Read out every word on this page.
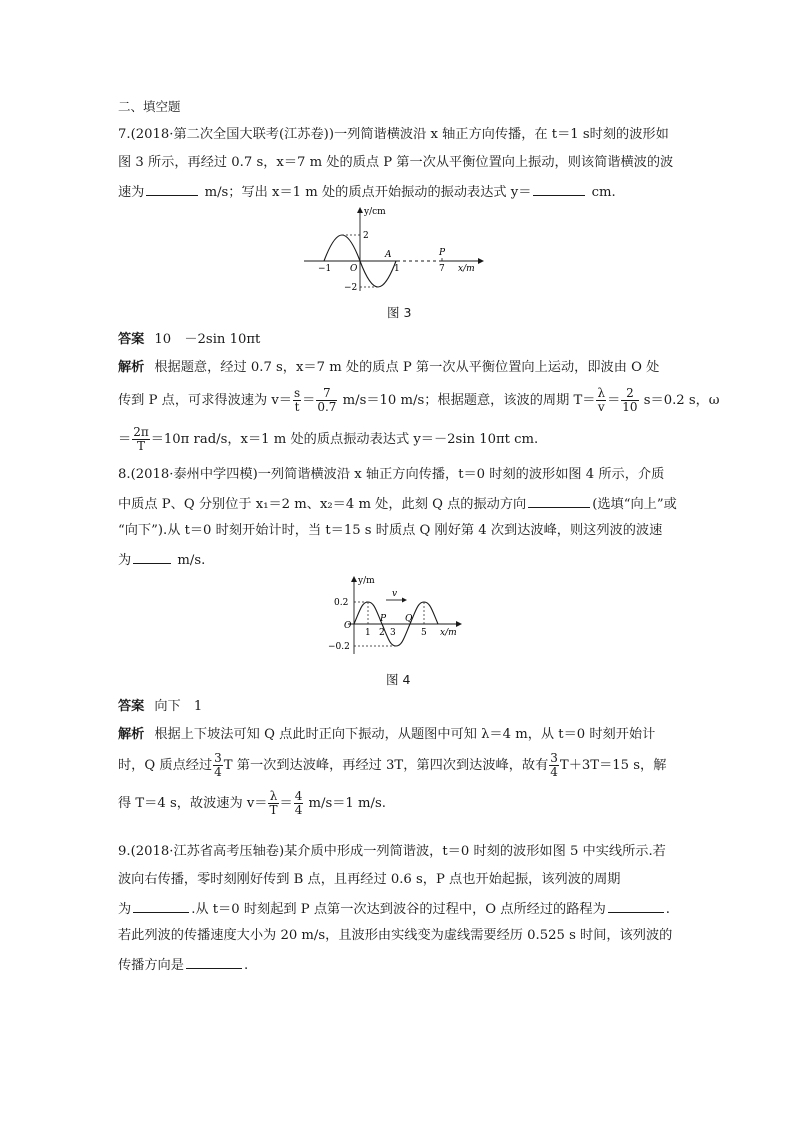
二、填空题
7.(2018·第二次全国大联考(江苏卷))一列简谐横波沿 x 轴正方向传播，在 t＝1 s时刻的波形如
图 3 所示，再经过 0.7 s，x＝7 m 处的质点 P 第一次从平衡位置向上振动，则该简谐横波的波
速为	m/s；写出 x＝1 m 处的质点开始振动的振动表达式 y＝	cm.
y/cm
2
−2
O
−1	1	7
A	P
x/m
图 3
答案 10　－2sin 10πt
解析 根据题意，经过 0.7 s，x＝7 m 处的质点 P 第一次从平衡位置向上运动，即波由 O 处
传到 P 点，可求得波速为 $v= \frac{s}{t} = \frac{7}{0.7} m/s=10$ m/s；根据题意，该波的周期 $T= \frac{\lambda}{v} = \frac{2}{10} s=0.2$ s，ω
＝ $\frac{2\pi}{T} =10\pi$ rad/s，x＝1 m 处的质点振动表达式 y＝－2sin 10πt cm.
8.(2018·泰州中学四模)一列简谐横波沿 x 轴正方向传播，t＝0 时刻的波形如图 4 所示，介质
中质点 P、Q 分别位于 x₁＝2 m、x₂＝4 m 处，此刻 Q 点的振动方向	(选填“向上”或
“向下”).从 t＝0 时刻开始计时，当 t＝15 s 时质点 Q 刚好第 4 次到达波峰，则这列波的波速
为	m/s.
y/m
0.2
−0.2
O
1 2 3	5
P Q
v
x/m
图 4
答案 向下　1
解析 根据上下坡法可知 Q 点此时正向下振动，从题图中可知 λ＝4 m，从 t＝0 时刻开始计
时，Q 质点经过 $\frac{3}{4}$ T 第一次到达波峰，再经过 3T，第四次到达波峰，故有 $\frac{3}{4} T+3T=15$ s，解
得 T＝4 s，故波速为 $v= \frac{\lambda}{T} = \frac{4}{4} m/s=1$ m/s.
9.(2018·江苏省高考压轴卷)某介质中形成一列简谐波，t＝0 时刻的波形如图 5 中实线所示.若
波向右传播，零时刻刚好传到 B 点，且再经过 0.6 s，P 点也开始起振，该列波的周期
为	.从 t＝0 时刻起到 P 点第一次达到波谷的过程中，O 点所经过的路程为	.
若此列波的传播速度大小为 20 m/s，且波形由实线变为虚线需要经历 0.525 s 时间，该列波的
传播方向是	.
